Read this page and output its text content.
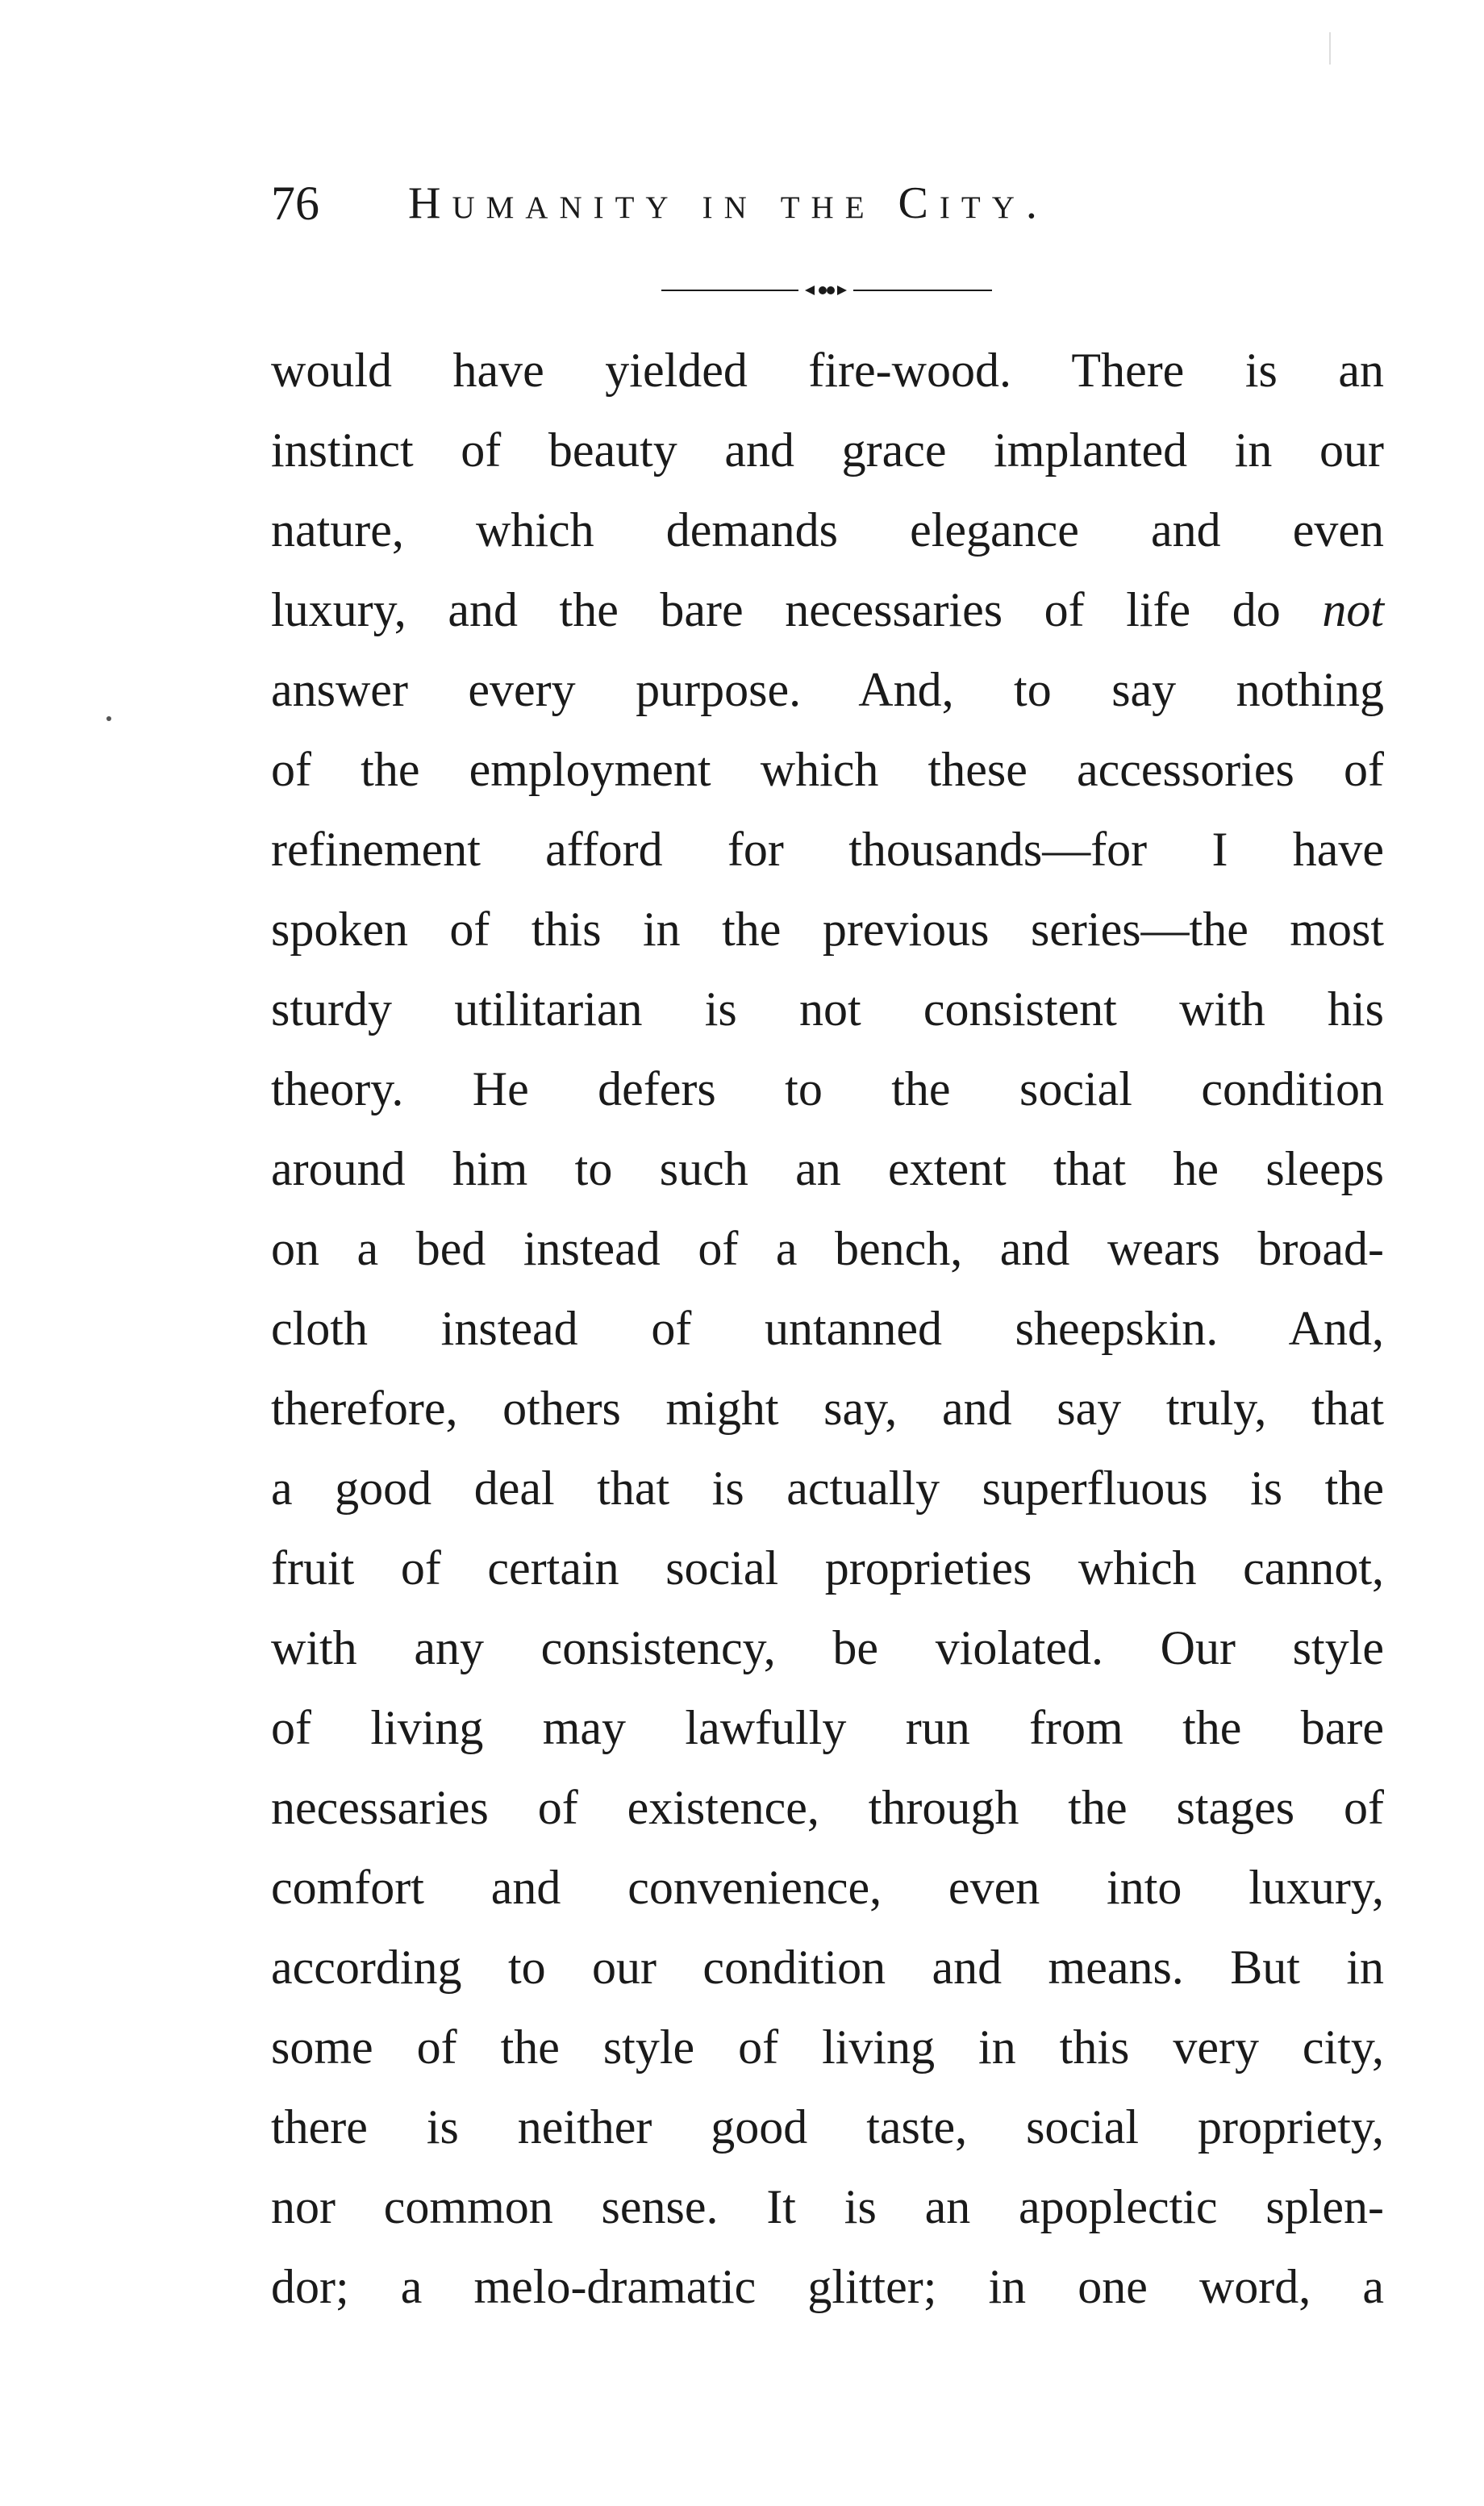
76 Humanity in the City.
would have yielded fire-wood. There is an
instinct of beauty and grace implanted in our
nature, which demands elegance and even
luxury, and the bare necessaries of life do not
answer every purpose. And, to say nothing
of the employment which these accessories of
refinement afford for thousands—for I have
spoken of this in the previous series—the most
sturdy utilitarian is not consistent with his
theory. He defers to the social condition
around him to such an extent that he sleeps
on a bed instead of a bench, and wears broad-
cloth instead of untanned sheepskin. And,
therefore, others might say, and say truly, that
a good deal that is actually superfluous is the
fruit of certain social proprieties which cannot,
with any consistency, be violated. Our style
of living may lawfully run from the bare
necessaries of existence, through the stages of
comfort and convenience, even into luxury,
according to our condition and means. But in
some of the style of living in this very city,
there is neither good taste, social propriety,
nor common sense. It is an apoplectic splen-
dor; a melo-dramatic glitter; in one word, a
